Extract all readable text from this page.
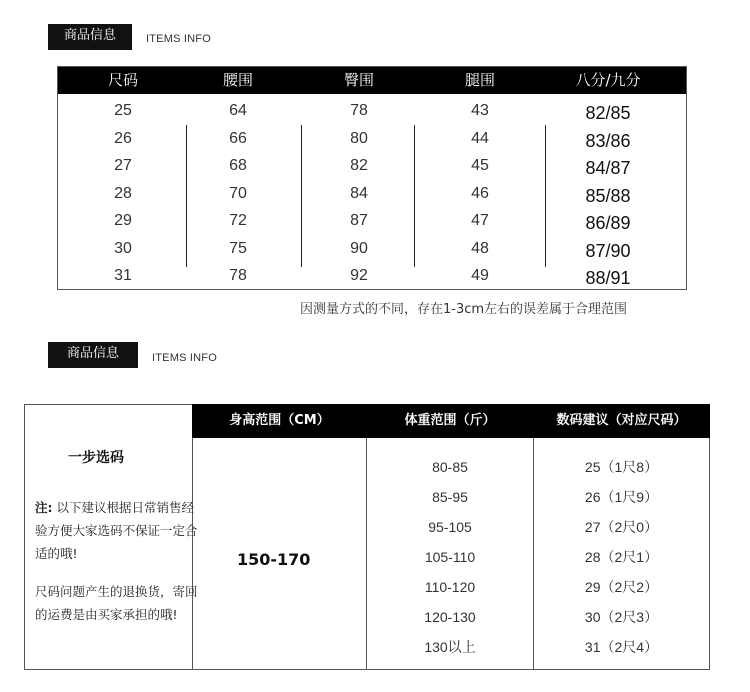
商品信息	ITEMS INFO
尺码	腰围	臀围	腿围	八分/九分
25	64	78	43	82/85
26	66	80	44	83/86
27	68	82	45	84/87
28	70	84	46	85/88
29	72	87	47	86/89
30	75	90	48	87/90
31	78	92	49	88/91
因测量方式的不同，存在1-3cm左右的误差属于合理范围
商品信息	ITEMS INFO
身高范围（CM）	体重范围（斤）	数码建议（对应尺码）
一步选码
注: 以下建议根据日常销售经验方便大家选码不保证一定合适的哦!
尺码问题产生的退换货，寄回的运费是由买家承担的哦!
150-170
80-85	25（1尺8）
85-95	26（1尺9）
95-105	27（2尺0）
105-110	28（2尺1）
110-120	29（2尺2）
120-130	30（2尺3）
130以上	31（2尺4）
